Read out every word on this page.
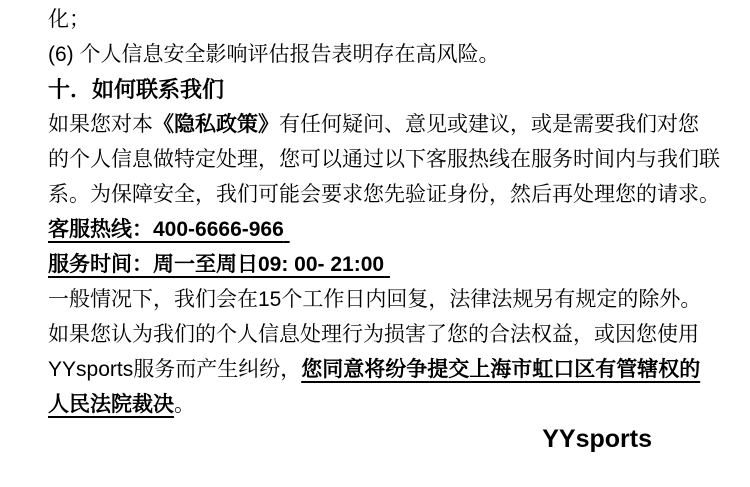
化；
(6) 个人信息安全影响评估报告表明存在高风险。
十．如何联系我们
如果您对本《隐私政策》有任何疑问、意见或建议，或是需要我们对您
的个人信息做特定处理，您可以通过以下客服热线在服务时间内与我们联
系。为保障安全，我们可能会要求您先验证身份，然后再处理您的请求。
客服热线：400-6666-966
服务时间：周一至周日09: 00- 21:00
一般情况下，我们会在15个工作日内回复，法律法规另有规定的除外。
如果您认为我们的个人信息处理行为损害了您的合法权益，或因您使用
YYsports服务而产生纠纷，您同意将纷争提交上海市虹口区有管辖权的
人民法院裁决。
YYsports
